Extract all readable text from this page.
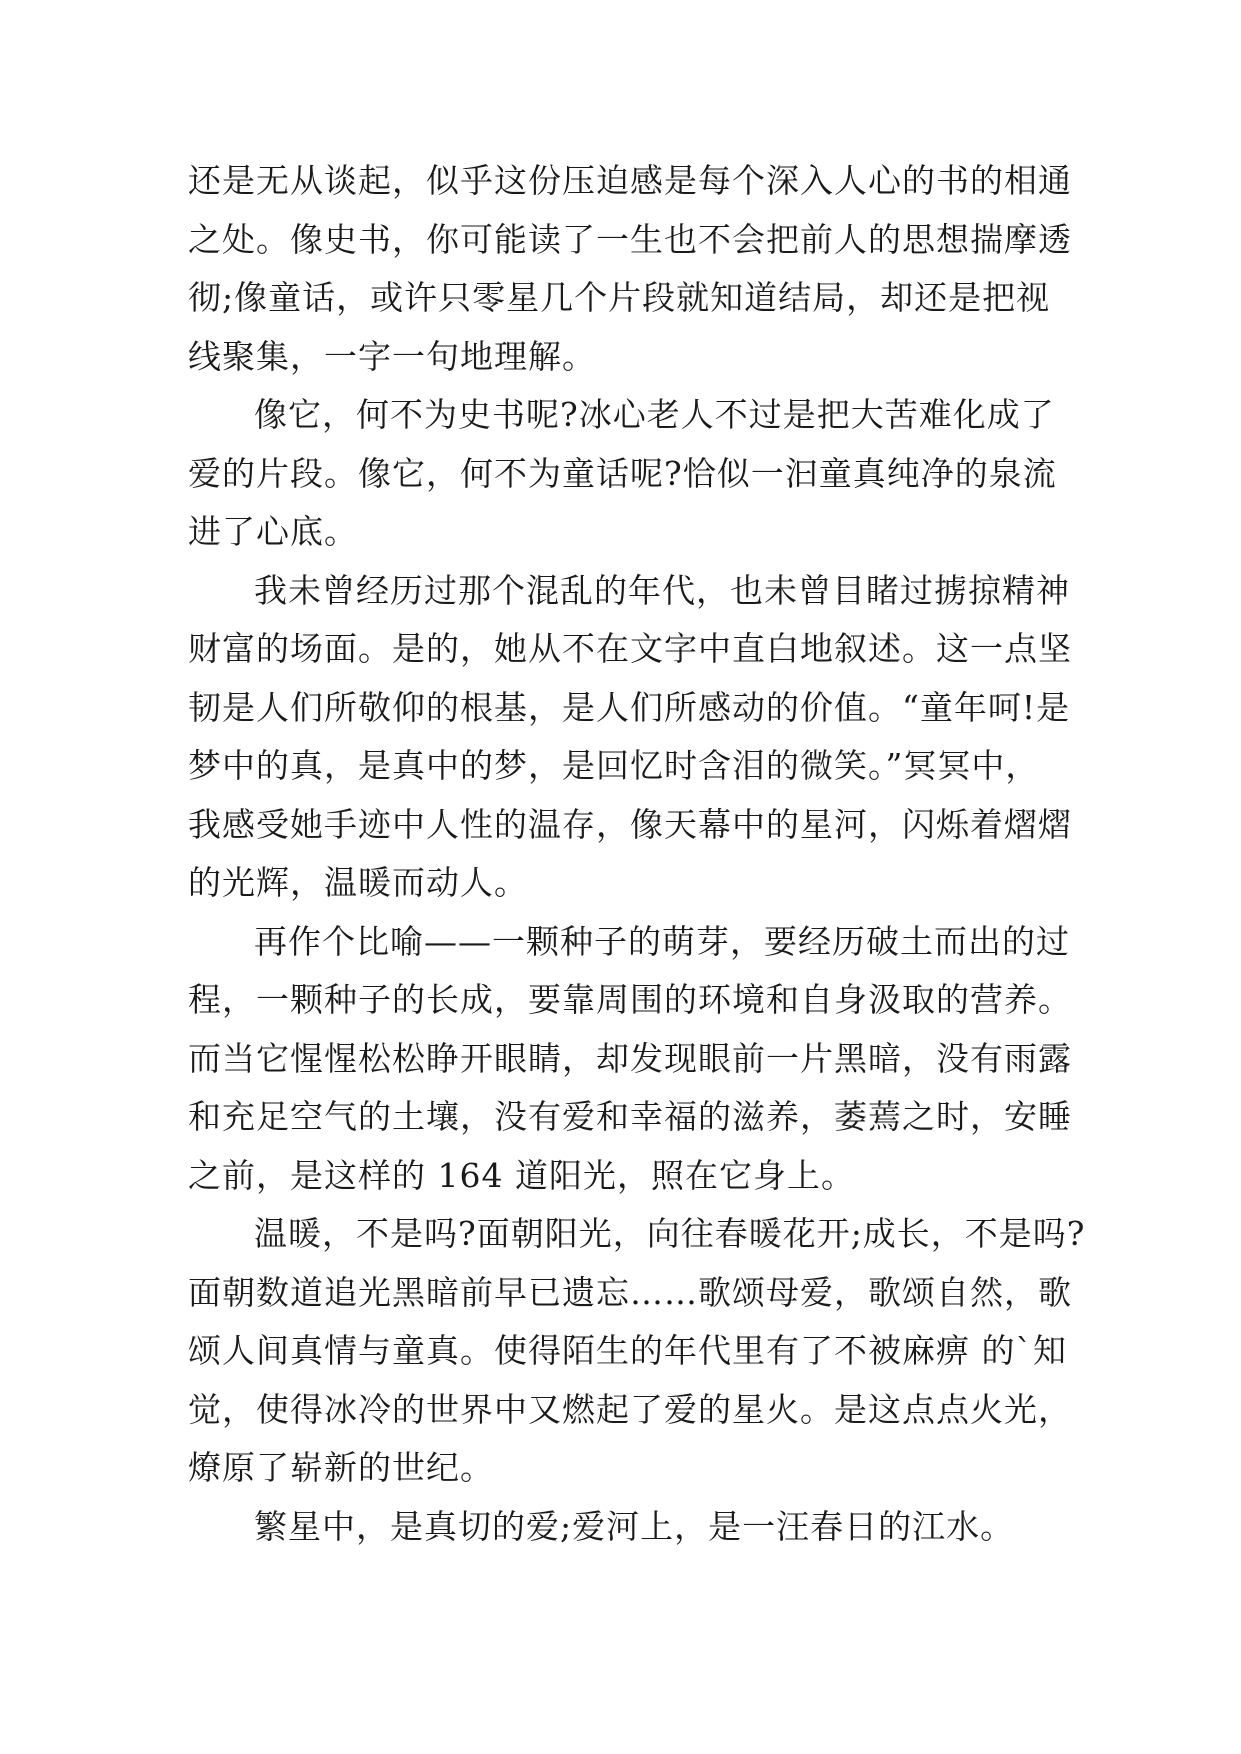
还是无从谈起，似乎这份压迫感是每个深入人心的书的相通
之处。像史书，你可能读了一生也不会把前人的思想揣摩透
彻;像童话，或许只零星几个片段就知道结局，却还是把视
线聚集，一字一句地理解。
像它，何不为史书呢?冰心老人不过是把大苦难化成了
爱的片段。像它，何不为童话呢?恰似一汩童真纯净的泉流
进了心底。
我未曾经历过那个混乱的年代，也未曾目睹过掳掠精神
财富的场面。是的，她从不在文字中直白地叙述。这一点坚
韧是人们所敬仰的根基，是人们所感动的价值。“童年呵!是
梦中的真，是真中的梦，是回忆时含泪的微笑。”冥冥中，
我感受她手迹中人性的温存，像天幕中的星河，闪烁着熠熠
的光辉，温暖而动人。
再作个比喻——一颗种子的萌芽，要经历破土而出的过
程，一颗种子的长成，要靠周围的环境和自身汲取的营养。
而当它惺惺松松睁开眼睛，却发现眼前一片黑暗，没有雨露
和充足空气的土壤，没有爱和幸福的滋养，萎蔫之时，安睡
之前，是这样的 164 道阳光，照在它身上。
温暖，不是吗?面朝阳光，向往春暖花开;成长，不是吗?
面朝数道追光黑暗前早已遗忘……歌颂母爱，歌颂自然，歌
颂人间真情与童真。使得陌生的年代里有了不被麻痹 的`知
觉，使得冰冷的世界中又燃起了爱的星火。是这点点火光，
燎原了崭新的世纪。
繁星中，是真切的爱;爱河上，是一汪春日的江水。
